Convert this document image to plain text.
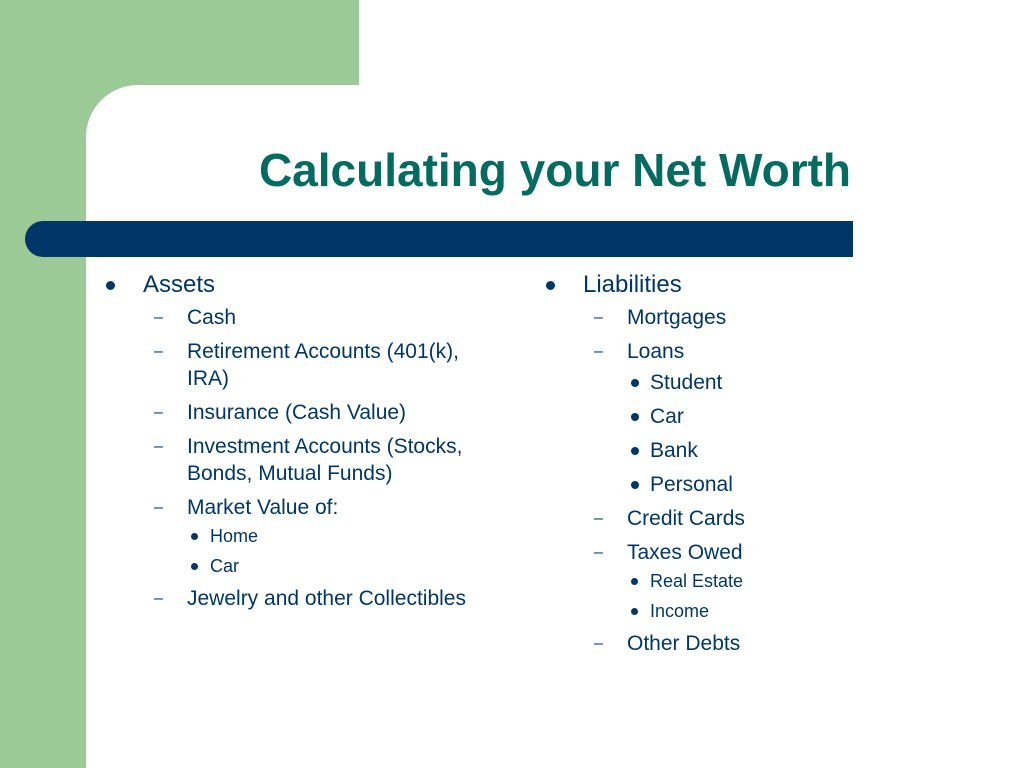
Calculating your Net Worth
Assets
– Cash
– Retirement Accounts (401(k), IRA)
– Insurance (Cash Value)
– Investment Accounts (Stocks, Bonds, Mutual Funds)
– Market Value of:
Home
Car
– Jewelry and other Collectibles
Liabilities
– Mortgages
– Loans
Student
Car
Bank
Personal
– Credit Cards
– Taxes Owed
Real Estate
Income
– Other Debts
